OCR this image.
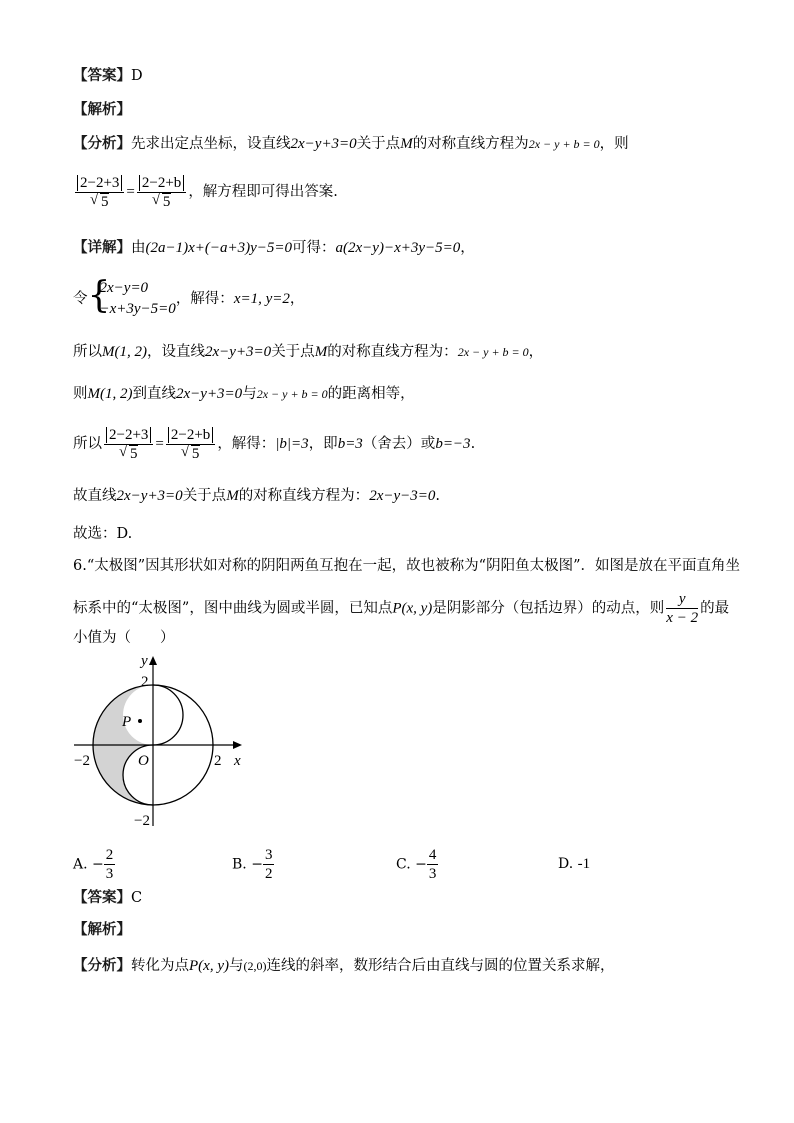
【答案】D
【解析】
【分析】先求出定点坐标，设直线2x−y+3=0关于点M的对称直线方程为2x − y + b = 0，则
$\frac{2-2+3}{√ 5} = \frac{2-2+b}{√ 5}$ ，解方程即可得出答案.
【详解】由(2a−1)x+(−a+3)y−5=0可得：a(2x−y)−x+3y−5=0，
令 {
2x−y=0
−x+3y−5=0
，解得：x=1, y=2，
所以M(1, 2)，设直线2x−y+3=0关于点M的对称直线方程为：2x − y + b = 0，
则M(1, 2)到直线2x−y+3=0与2x − y + b = 0的距离相等，
所以 $\frac{2-2+3}{√ 5} = \frac{2-2+b}{√ 5}$ ，解得：|b|=3，即b=3（舍去）或b=−3.
故直线2x−y+3=0关于点M的对称直线方程为：2x−y−3=0.
故选：D.
6.“太极图”因其形状如对称的阴阳两鱼互抱在一起，故也被称为“阴阳鱼太极图”．如图是放在平面直角坐
标系中的“太极图”，图中曲线为圆或半圆，已知点P(x, y)是阴影部分（包括边界）的动点，则 $\frac{y}{x - 2}$ 的最
小值为（　　）
P
y
x
O
2
−2
−2	2
A. − $\frac{2}{3}$	B. − $\frac{3}{2}$	C. − $\frac{4}{3}$	D. -1
【答案】C
【解析】
【分析】转化为点P(x, y)与(2,0)连线的斜率，数形结合后由直线与圆的位置关系求解，
